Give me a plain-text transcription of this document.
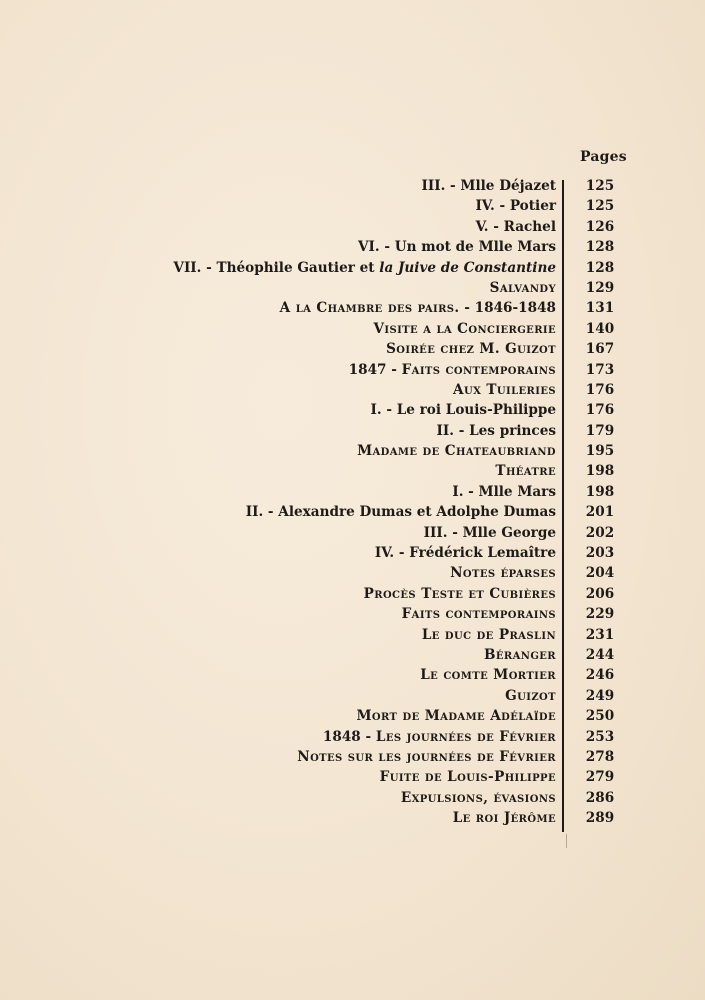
Pages
III. - Mlle Déjazet	125
IV. - Potier	125
V. - Rachel	126
VI. - Un mot de Mlle Mars	128
VII. - Théophile Gautier et la Juive de Constantine	128
Salvandy	129
A la Chambre des pairs. - 1846-1848	131
Visite a la Conciergerie	140
Soirée chez M. Guizot	167
1847 - Faits contemporains	173
Aux Tuileries	176
I. - Le roi Louis-Philippe	176
II. - Les princes	179
Madame de Chateaubriand	195
Théatre	198
I. - Mlle Mars	198
II. - Alexandre Dumas et Adolphe Dumas	201
III. - Mlle George	202
IV. - Frédérick Lemaître	203
Notes éparses	204
Procès Teste et Cubières	206
Faits contemporains	229
Le duc de Praslin	231
Béranger	244
Le comte Mortier	246
Guizot	249
Mort de Madame Adélaïde	250
1848 - Les journées de Février	253
Notes sur les journées de Février	278
Fuite de Louis-Philippe	279
Expulsions, évasions	286
Le roi Jérôme	289
